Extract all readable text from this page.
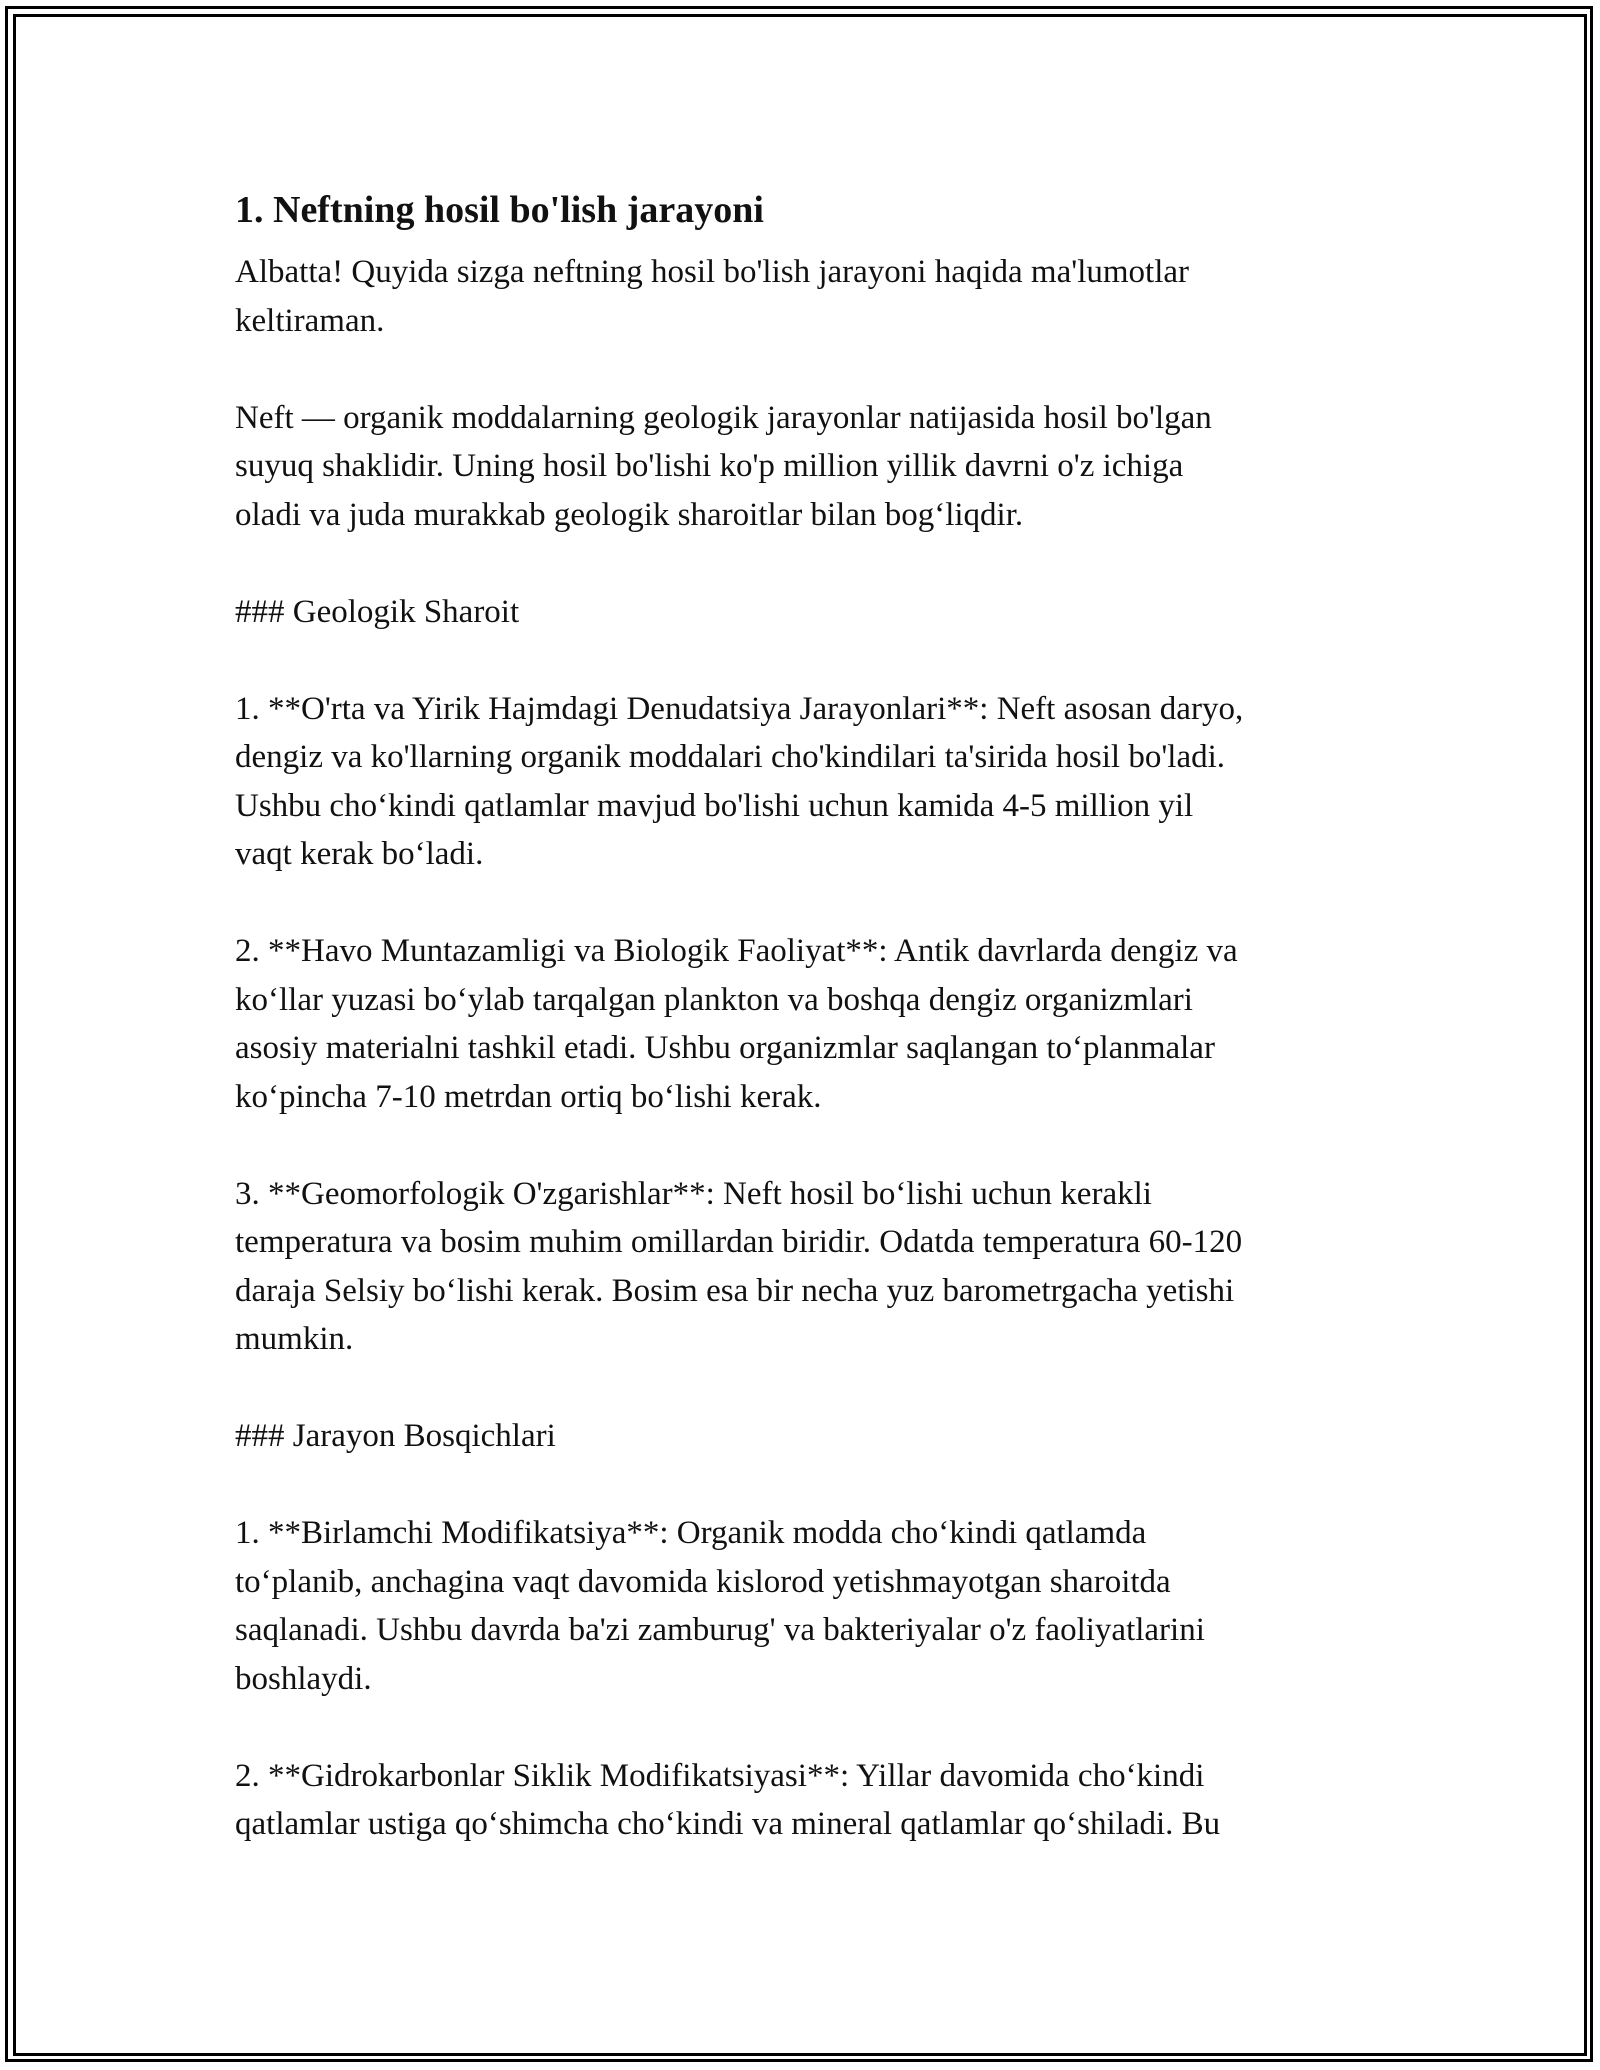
1. Neftning hosil bo'lish jarayoni

Albatta! Quyida sizga neftning hosil bo'lish jarayoni haqida ma'lumotlar
keltiraman.

Neft — organik moddalarning geologik jarayonlar natijasida hosil bo'lgan
suyuq shaklidir. Uning hosil bo'lishi ko'p million yillik davrni o'z ichiga
oladi va juda murakkab geologik sharoitlar bilan bog‘liqdir.

### Geologik Sharoit

1. **O'rta va Yirik Hajmdagi Denudatsiya Jarayonlari**: Neft asosan daryo,
dengiz va ko'llarning organik moddalari cho'kindilari ta'sirida hosil bo'ladi.
Ushbu cho‘kindi qatlamlar mavjud bo'lishi uchun kamida 4-5 million yil
vaqt kerak bo‘ladi.

2. **Havo Muntazamligi va Biologik Faoliyat**: Antik davrlarda dengiz va
ko‘llar yuzasi bo‘ylab tarqalgan plankton va boshqa dengiz organizmlari
asosiy materialni tashkil etadi. Ushbu organizmlar saqlangan to‘planmalar
ko‘pincha 7-10 metrdan ortiq bo‘lishi kerak.

3. **Geomorfologik O'zgarishlar**: Neft hosil bo‘lishi uchun kerakli
temperatura va bosim muhim omillardan biridir. Odatda temperatura 60-120
daraja Selsiy bo‘lishi kerak. Bosim esa bir necha yuz barometrgacha yetishi
mumkin.

### Jarayon Bosqichlari

1. **Birlamchi Modifikatsiya**: Organik modda cho‘kindi qatlamda
to‘planib, anchagina vaqt davomida kislorod yetishmayotgan sharoitda
saqlanadi. Ushbu davrda ba'zi zamburug' va bakteriyalar o'z faoliyatlarini
boshlaydi.

2. **Gidrokarbonlar Siklik Modifikatsiyasi**: Yillar davomida cho‘kindi
qatlamlar ustiga qo‘shimcha cho‘kindi va mineral qatlamlar qo‘shiladi. Bu
